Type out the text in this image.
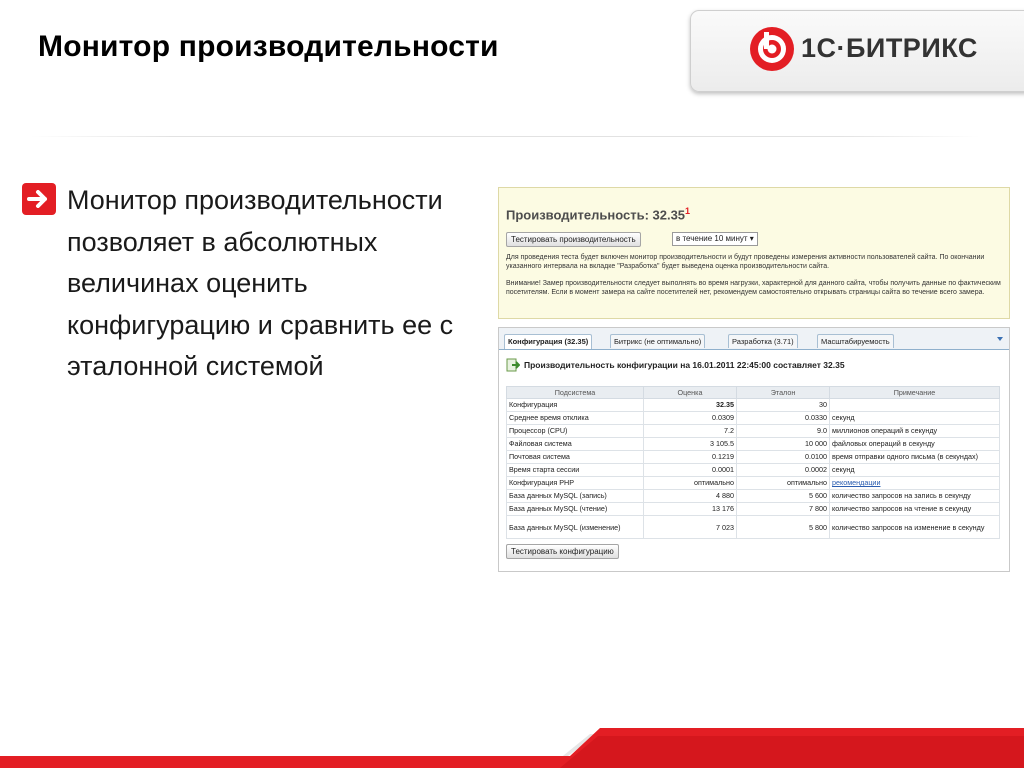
Монитор производительности	1С·БИТРИКС
Монитор производительности позволяет в абсолютных величинах оценить конфигурацию и сравнить ее с эталонной системой
Производительность: 32.35$^1$
Тестировать производительность	в течение 10 минут ▾
Для проведения теста будет включен монитор производительности и будут проведены измерения активности пользователей сайта. По окончании указанного интервала на вкладке "Разработка" будет выведена оценка производительности сайта.
Внимание! Замер производительности следует выполнять во время нагрузки, характерной для данного сайта, чтобы получить данные по фактическим посетителям. Если в момент замера на сайте посетителей нет, рекомендуем самостоятельно открывать страницы сайта во течение всего замера.
Конфигурация (32.35)	Битрикс (не оптимально)	Разработка (3.71)	Масштабируемость
Производительность конфигурации на 16.01.2011 22:45:00 составляет 32.35
Подсистема	Оценка	Эталон	Примечание
Конфигурация	32.35	30	
Среднее время отклика	0.0309	0.0330	секунд
Процессор (CPU)	7.2	9.0	миллионов операций в секунду
Файловая система	3 105.5	10 000	файловых операций в секунду
Почтовая система	0.1219	0.0100	время отправки одного письма (в секундах)
Время старта сессии	0.0001	0.0002	секунд
Конфигурация PHP	оптимально	оптимально	рекомендации
База данных MySQL (запись)	4 880	5 600	количество запросов на запись в секунду
База данных MySQL (чтение)	13 176	7 800	количество запросов на чтение в секунду
База данных MySQL (изменение)	7 023	5 800	количество запросов на изменение в секунду
Тестировать конфигурацию
